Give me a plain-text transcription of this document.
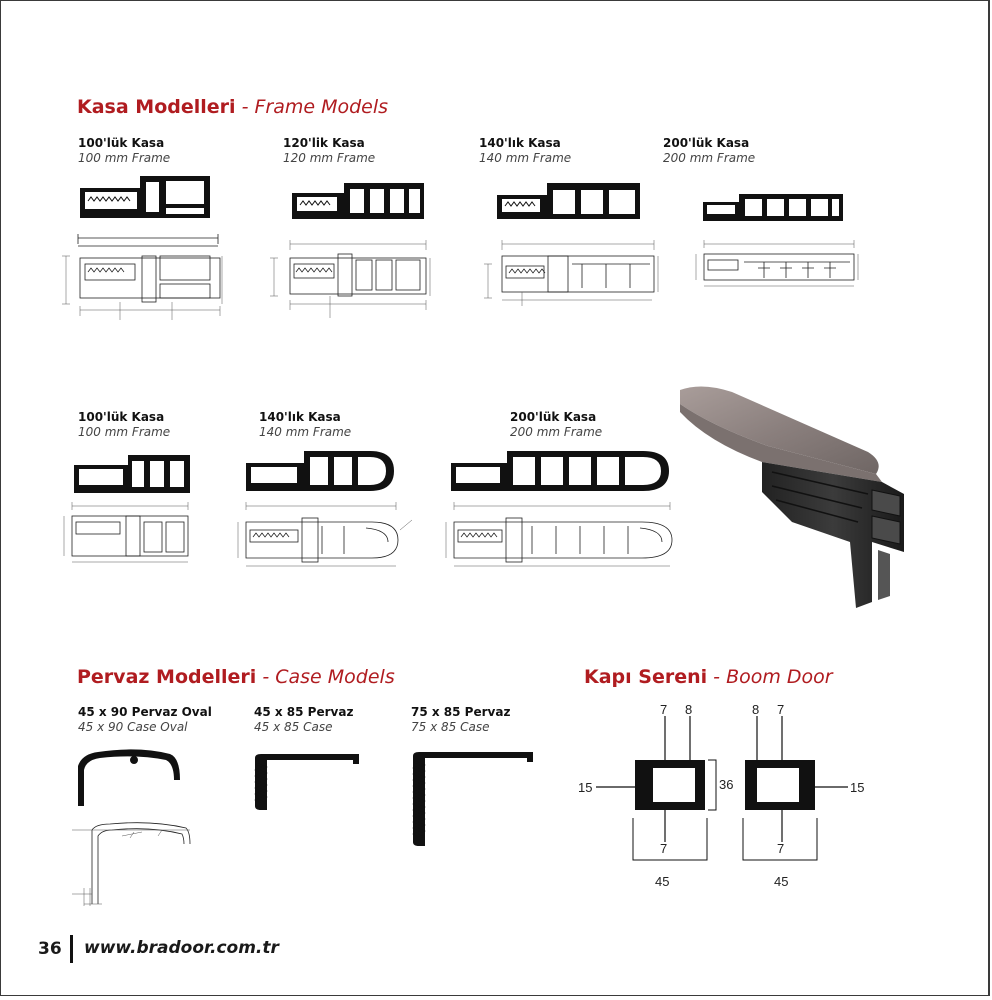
Kasa Modelleri - Frame Models
100'lük Kasa
100 mm Frame
120'lik Kasa
120 mm Frame
140'lık Kasa
140 mm Frame
200'lük Kasa
200 mm Frame
100'lük Kasa
100 mm Frame
140'lık Kasa
140 mm Frame
200'lük Kasa
200 mm Frame
Pervaz Modelleri - Case Models
45 x 90 Pervaz Oval
45 x 90 Case Oval
45 x 85 Pervaz
45 x 85 Case
75 x 85 Pervaz
75 x 85 Case
Kapı Sereni - Boom Door
7 8
15	36
7
45
8 7
15
7
45
36 www.bradoor.com.tr
